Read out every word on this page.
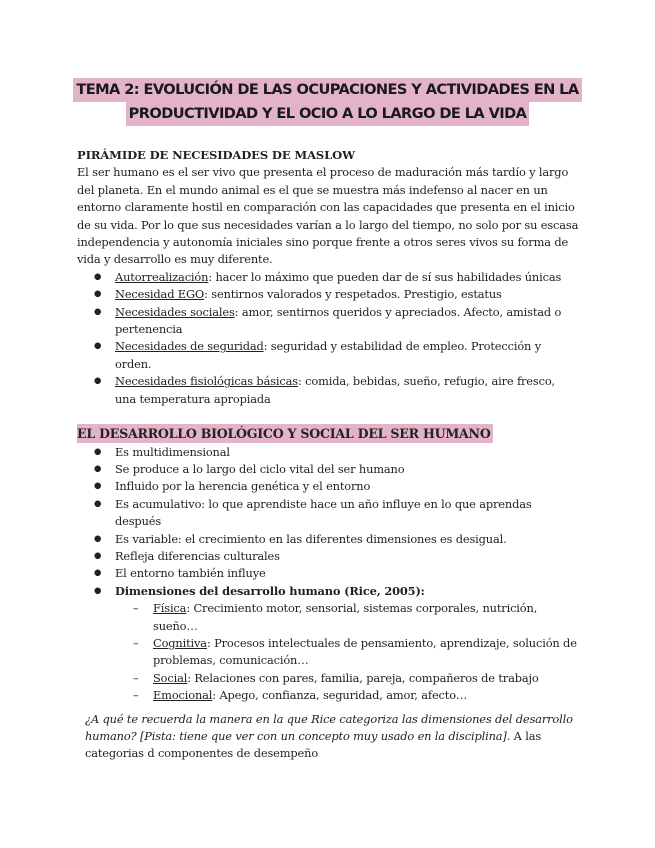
TEMA 2: EVOLUCIÓN DE LAS OCUPACIONES Y ACTIVIDADES EN LA
PRODUCTIVIDAD Y EL OCIO A LO LARGO DE LA VIDA
PIRÁMIDE DE NECESIDADES DE MASLOW

El ser humano es el ser vivo que presenta el proceso de maduración más tardío y largo del planeta. En el mundo animal es el que se muestra más indefenso al nacer en un entorno claramente hostil en comparación con las capacidades que presenta en el inicio de su vida. Por lo que sus necesidades varían a lo largo del tiempo, no solo por su escasa independencia y autonomía iniciales sino porque frente a otros seres vivos su forma de vida y desarrollo es muy diferente.

● Autorrealización: hacer lo máximo que pueden dar de sí sus habilidades únicas
● Necesidad EGO: sentirnos valorados y respetados. Prestigio, estatus
● Necesidades sociales: amor, sentirnos queridos y apreciados. Afecto, amistad o pertenencia
● Necesidades de seguridad: seguridad y estabilidad de empleo. Protección y orden.
● Necesidades fisiológicas básicas: comida, bebidas, sueño, refugio, aire fresco, una temperatura apropiada
EL DESARROLLO BIOLÓGICO Y SOCIAL DEL SER HUMANO
● Es multidimensional
● Se produce a lo largo del ciclo vital del ser humano
● Influido por la herencia genética y el entorno
● Es acumulativo: lo que aprendiste hace un año influye en lo que aprendas después
● Es variable: el crecimiento en las diferentes dimensiones es desigual.
● Refleja diferencias culturales
● El entorno también influye
● Dimensiones del desarrollo humano (Rice, 2005):
– Física: Crecimiento motor, sensorial, sistemas corporales, nutrición, sueño…
– Cognitiva: Procesos intelectuales de pensamiento, aprendizaje, solución de problemas, comunicación…
– Social: Relaciones con pares, familia, pareja, compañeros de trabajo
– Emocional: Apego, confianza, seguridad, amor, afecto…

¿A qué te recuerda la manera en la que Rice categoriza las dimensiones del desarrollo humano? [Pista: tiene que ver con un concepto muy usado en la disciplina]. A las categorias d componentes de desempeño
